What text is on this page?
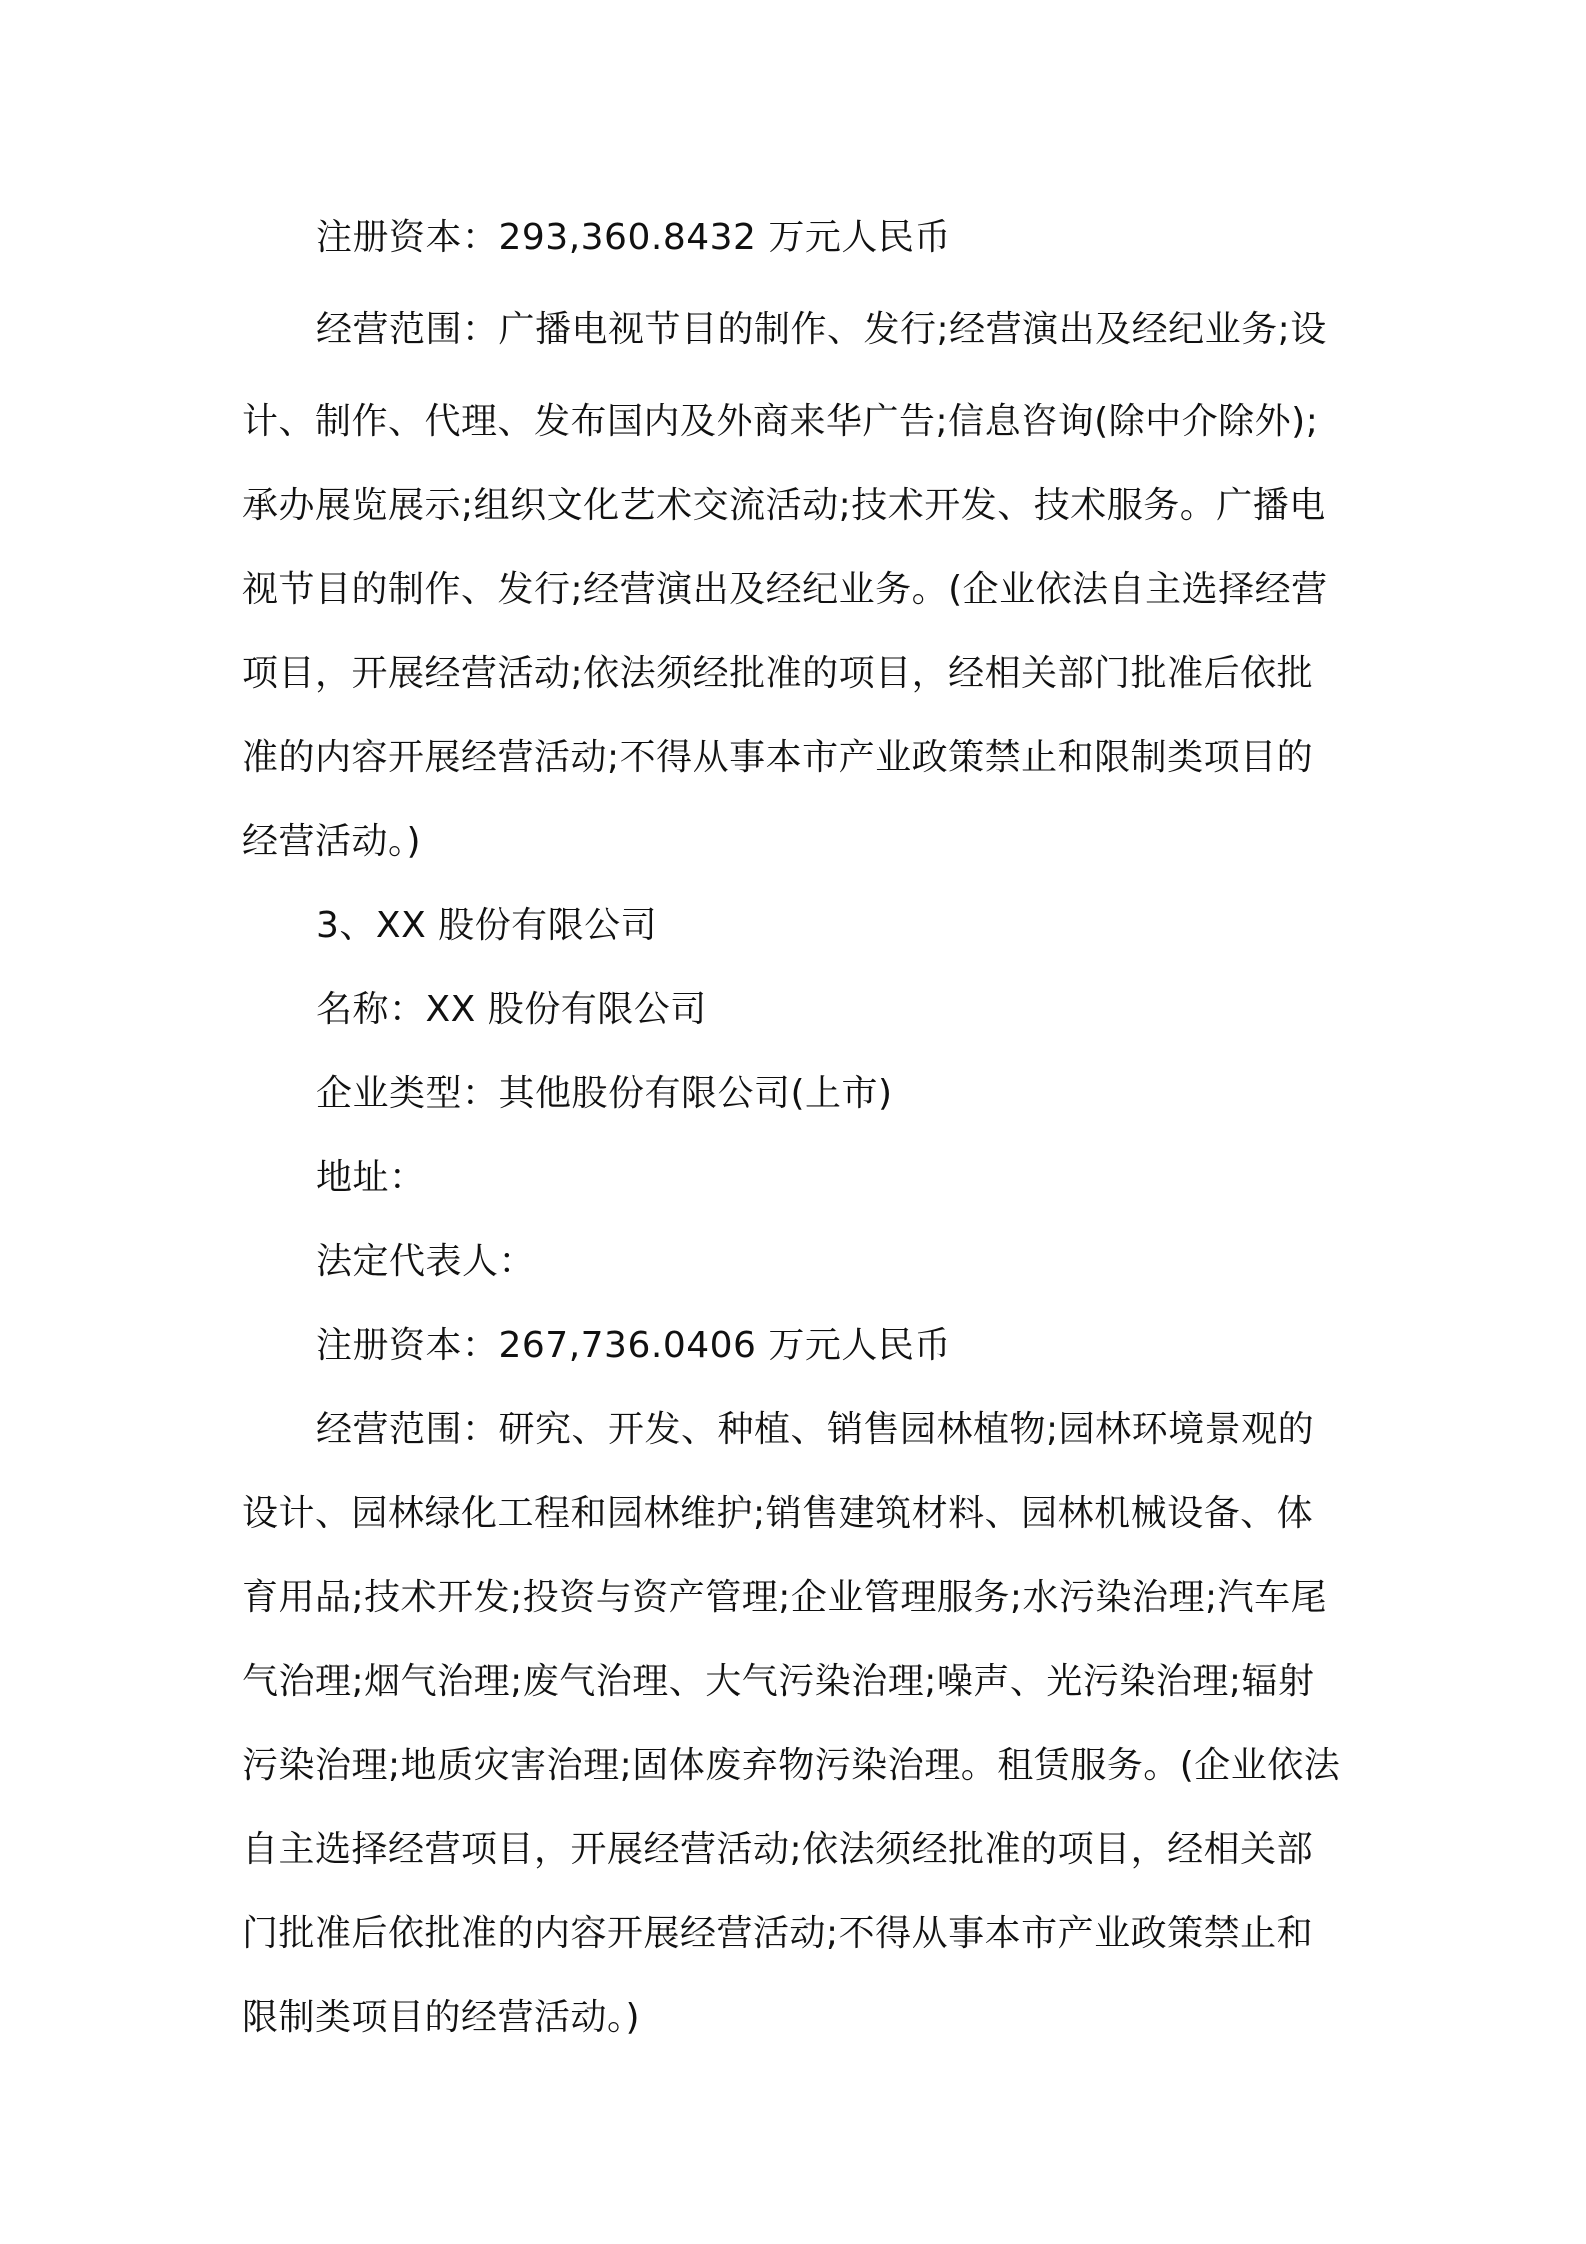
注册资本：293,360.8432 万元人民币
经营范围：广播电视节目的制作、发行;经营演出及经纪业务;设
计、制作、代理、发布国内及外商来华广告;信息咨询(除中介除外);
承办展览展示;组织文化艺术交流活动;技术开发、技术服务。广播电
视节目的制作、发行;经营演出及经纪业务。(企业依法自主选择经营
项目，开展经营活动;依法须经批准的项目，经相关部门批准后依批
准的内容开展经营活动;不得从事本市产业政策禁止和限制类项目的
经营活动。)
3、XX 股份有限公司
名称：XX 股份有限公司
企业类型：其他股份有限公司(上市)
地址：
法定代表人：
注册资本：267,736.0406 万元人民币
经营范围：研究、开发、种植、销售园林植物;园林环境景观的
设计、园林绿化工程和园林维护;销售建筑材料、园林机械设备、体
育用品;技术开发;投资与资产管理;企业管理服务;水污染治理;汽车尾
气治理;烟气治理;废气治理、大气污染治理;噪声、光污染治理;辐射
污染治理;地质灾害治理;固体废弃物污染治理。租赁服务。(企业依法
自主选择经营项目，开展经营活动;依法须经批准的项目，经相关部
门批准后依批准的内容开展经营活动;不得从事本市产业政策禁止和
限制类项目的经营活动。)
